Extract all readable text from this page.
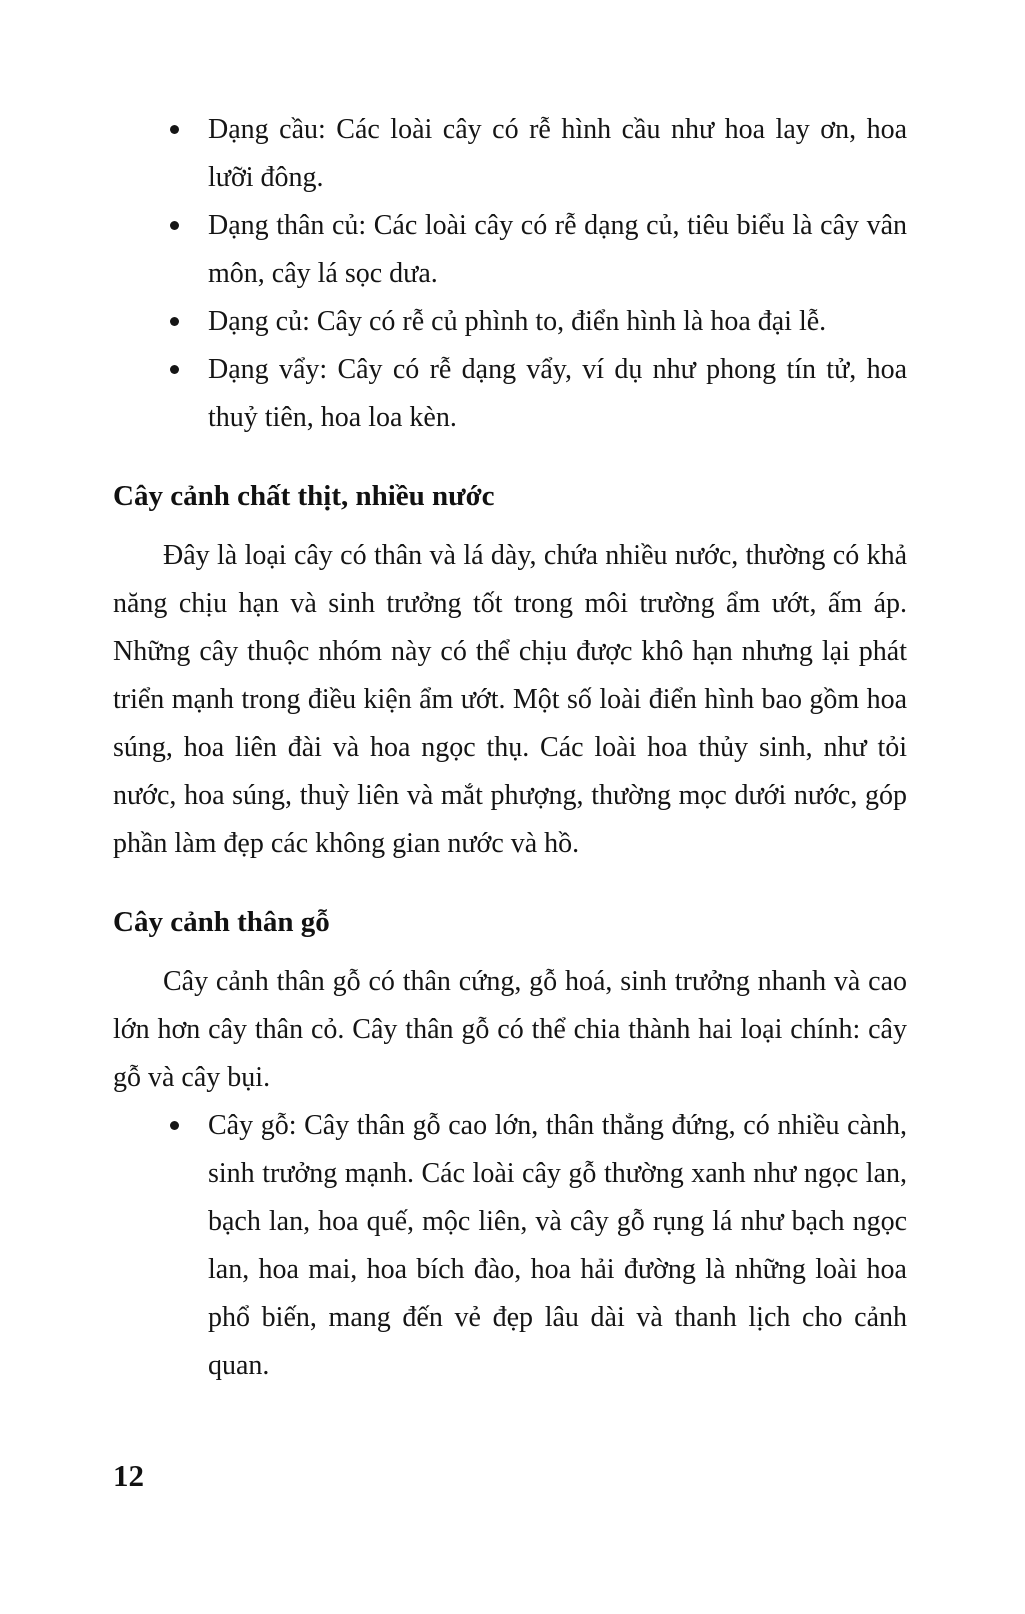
Dạng cầu: Các loài cây có rễ hình cầu như hoa lay ơn, hoa lưỡi đông.
Dạng thân củ: Các loài cây có rễ dạng củ, tiêu biểu là cây vân môn, cây lá sọc dưa.
Dạng củ: Cây có rễ củ phình to, điển hình là hoa đại lễ.
Dạng vẩy: Cây có rễ dạng vẩy, ví dụ như phong tín tử, hoa thuỷ tiên, hoa loa kèn.
Cây cảnh chất thịt, nhiều nước

Đây là loại cây có thân và lá dày, chứa nhiều nước, thường có khả năng chịu hạn và sinh trưởng tốt trong môi trường ẩm ướt, ấm áp. Những cây thuộc nhóm này có thể chịu được khô hạn nhưng lại phát triển mạnh trong điều kiện ẩm ướt. Một số loài điển hình bao gồm hoa súng, hoa liên đài và hoa ngọc thụ. Các loài hoa thủy sinh, như tỏi nước, hoa súng, thuỳ liên và mắt phượng, thường mọc dưới nước, góp phần làm đẹp các không gian nước và hồ.

Cây cảnh thân gỗ

Cây cảnh thân gỗ có thân cứng, gỗ hoá, sinh trưởng nhanh và cao lớn hơn cây thân cỏ. Cây thân gỗ có thể chia thành hai loại chính: cây gỗ và cây bụi.

Cây gỗ: Cây thân gỗ cao lớn, thân thẳng đứng, có nhiều cành, sinh trưởng mạnh. Các loài cây gỗ thường xanh như ngọc lan, bạch lan, hoa quế, mộc liên, và cây gỗ rụng lá như bạch ngọc lan, hoa mai, hoa bích đào, hoa hải đường là những loài hoa phổ biến, mang đến vẻ đẹp lâu dài và thanh lịch cho cảnh quan.
12
